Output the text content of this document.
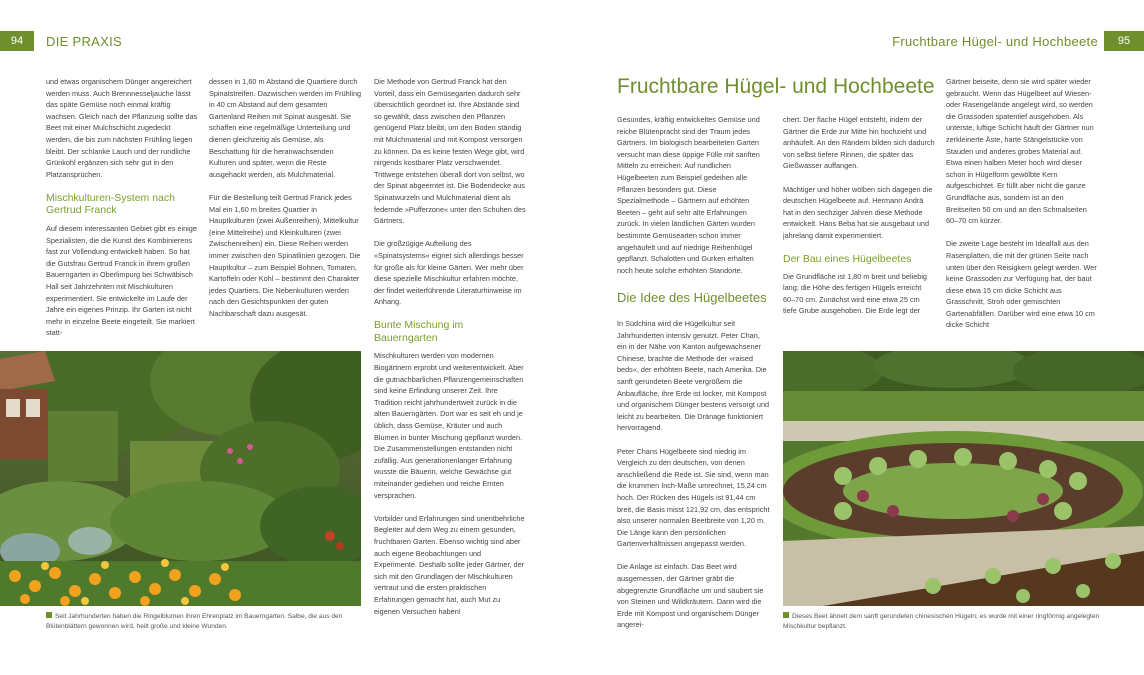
94	DIE PRAXIS	Fruchtbare Hügel- und Hochbeete	95

und etwas organischem Dünger angereichert werden muss. Auch Brennnesseljauche lässt das späte Gemüse noch einmal kräftig wachsen. Gleich nach der Pflanzung sollte das Beet mit einer Mulchschicht zugedeckt werden, die bis zum nächsten Frühling liegen bleibt. Der schlanke Lauch und der rundliche Grünkohl ergänzen sich sehr gut in den Platzansprüchen.

Mischkulturen-System nach Gertrud Franck

Auf diesem interessanten Gebiet gibt es einige Spezialisten, die die Kunst des Kombinierens fast zur Vollendung entwickelt haben. So hat die Gutsfrau Gertrud Franck in ihrem großen Bauerngarten in Oberlimpurg bei Schwäbisch Hall seit Jahrzehnten mit Mischkulturen experimentiert. Sie entwickelte im Laufe der Jahre ein eigenes Prinzip. Ihr Garten ist nicht mehr in einzelne Beete eingeteilt. Sie markiert statt-

dessen in 1,60 m Abstand die Quartiere durch Spinatstreifen. Dazwischen werden im Frühling in 40 cm Abstand auf dem gesamten Gartenland Reihen mit Spinat ausgesät. Sie schaffen eine regelmäßige Unterteilung und dienen gleichzeitig als Gemüse, als Beschattung für die heranwachsenden Kulturen und später, wenn die Reste ausgehackt werden, als Mulchmaterial.

Für die Bestellung teilt Gertrud Franck jedes Mal ein 1,60 m breites Quartier in Hauptkulturen (zwei Außenreihen), Mittelkultur (eine Mittelreihe) und Kleinkulturen (zwei Zwischenreihen) ein. Diese Reihen werden immer zwischen den Spinatlinien gezogen. Die Hauptkultur – zum Beispiel Bohnen, Tomaten, Kartoffeln oder Kohl – bestimmt den Charakter jedes Quartiers. Die Nebenkulturen werden nach den Gesichtspunkten der guten Nachbarschaft dazu ausgesät.

Die Methode von Gertrud Franck hat den Vorteil, dass ein Gemüsegarten dadurch sehr übersichtlich geordnet ist. Ihre Abstände sind so gewählt, dass zwischen den Pflanzen genügend Platz bleibt, um den Boden ständig mit Mulchmaterial und mit Kompost versorgen zu können. Da es keine festen Wege gibt, wird nirgends kostbarer Platz verschwendet. Trittwege entstehen überall dort von selbst, wo der Spinat abgeerntet ist. Die Bodendecke aus Spinatwurzeln und Mulchmaterial dient als federnde »Pufferzone« unter den Schuhen des Gärtners.

Die großzügige Aufteilung des »Spinatsystems« eignet sich allerdings besser für große als für kleine Gärten. Wer mehr über diese spezielle Mischkultur erfahren möchte, der findet weiterführende Literaturhinweise im Anhang.

Bunte Mischung im Bauerngarten

Mischkulturen werden von modernen Biogärtnern erprobt und weiterentwickelt. Aber die gutnachbarlichen Pflanzengemeinschaften sind keine Erfindung unserer Zeit. Ihre Tradition reicht jahrhundertweit zurück in die alten Bauerngärten. Dort war es seit eh und je üblich, dass Gemüse, Kräuter und auch Blumen in bunter Mischung gepflanzt wurden. Die Zusammenstellungen entstanden nicht zufällig. Aus generationenlanger Erfahrung wusste die Bäuerin, welche Gewächse gut miteinander gediehen und reiche Ernten versprachen.

Vorbilder und Erfahrungen sind unentbehrliche Begleiter auf dem Weg zu einem gesunden, fruchtbaren Garten. Ebenso wichtig sind aber auch eigene Beobachtungen und Experimente. Deshalb sollte jeder Gärtner, der sich mit den Grundlagen der Mischkulturen vertraut und die ersten praktischen Erfahrungen gemacht hat, auch Mut zu eigenen Versuchen haben!

Seit Jahrhunderten haben die Ringelblumen ihren Ehrenplatz im Bauerngarten. Salbe, die aus den Blütenblättern gewonnen wird, heilt große und kleine Wunden.
Fruchtbare Hügel- und Hochbeete

Gesundes, kräftig entwickeltes Gemüse und reiche Blütenpracht sind der Traum jedes Gärtners. Im biologisch bearbeiteten Garten versucht man diese üppige Fülle mit sanften Mitteln zu erreichen: Auf rundlichen Hügelbeeten zum Beispiel gedeihen alle Pflanzen besonders gut. Diese Spezialmethode – Gärtnern auf erhöhten Beeten – geht auf sehr alte Erfahrungen zurück. In vielen ländlichen Gärten wurden bestimmte Gemüsearten schon immer angehäufelt und auf niedrige Reihenhügel gepflanzt. Schalotten und Gurken erhalten noch heute solche erhöhten Standorte.

Die Idee des Hügelbeetes

In Südchina wird die Hügelkultur seit Jahrhunderten intensiv genutzt. Peter Chan, ein in der Nähe von Kanton aufgewachsener Chinese, brachte die Methode der »raised beds«, der erhöhten Beete, nach Amerika. Die sanft gerundeten Beete vergrößern die Anbaufläche, ihre Erde ist locker, mit Kompost und organischem Dünger bestens versorgt und leicht zu bearbeiten. Die Dränage funktioniert hervorragend.

Peter Chans Hügelbeete sind niedrig im Vergleich zu den deutschen, von denen anschließend die Rede ist. Sie sind, wenn man die krummen Inch-Maße umrechnet, 15,24 cm hoch. Der Rücken des Hügels ist 91,44 cm breit, die Basis misst 121,92 cm, das entspricht also unserer normalen Beetbreite von 1,20 m. Die Länge kann den persönlichen Gartenverhältnissen angepasst werden.

Die Anlage ist einfach. Das Beet wird ausgemessen, der Gärtner gräbt die abgegrenzte Grundfläche um und säubert sie von Steinen und Wildkräutern. Dann wird die Erde mit Kompost und organischem Dünger angerei-

chert. Der flache Hügel entsteht, indem der Gärtner die Erde zur Mitte hin hochzieht und anhäufelt. An den Rändern bilden sich dadurch von selbst tiefere Rinnen, die später das Gießwasser auffangen.

Mächtiger und höher wölben sich dagegen die deutschen Hügelbeete auf. Hermann Andrä hat in den sechziger Jahren diese Methode entwickelt. Hans Beba hat sie ausgebaut und jahrelang damit experimentiert.

Der Bau eines Hügelbeetes

Die Grundfläche ist 1,80 m breit und beliebig lang; die Höhe des fertigen Hügels erreicht 60–70 cm. Zunächst wird eine etwa 25 cm tiefe Grube ausgehoben. Die Erde legt der

Gärtner beiseite, denn sie wird später wieder gebraucht. Wenn das Hügelbeet auf Wiesen- oder Rasengelände angelegt wird, so werden die Grassoden spatentief ausgehoben. Als unterste, luftige Schicht häuft der Gärtner nun zerkleinerte Äste, harte Stängelstücke von Stauden und anderes grobes Material auf. Etwa einen halben Meter hoch wird dieser schon in Hügelform gewölbte Kern aufgeschichtet. Er füllt aber nicht die ganze Grundfläche aus, sondern ist an den Breitseiten 50 cm und an den Schmalseiten 60–70 cm kürzer.

Die zweite Lage besteht im Idealfall aus den Rasenplatten, die mit der grünen Seite nach unten über den Reisigkern gelegt werden. Wer keine Grassoden zur Verfügung hat, der baut diese etwa 15 cm dicke Schicht aus Grasschnitt, Stroh oder gemischten Gartenabfällen. Darüber wird eine etwa 10 cm dicke Schicht

Dieses Beet ähnelt dem sanft gerundeten chinesischen Hügeln; es wurde mit einer ringförmig angelegten Mischkultur bepflanzt.
